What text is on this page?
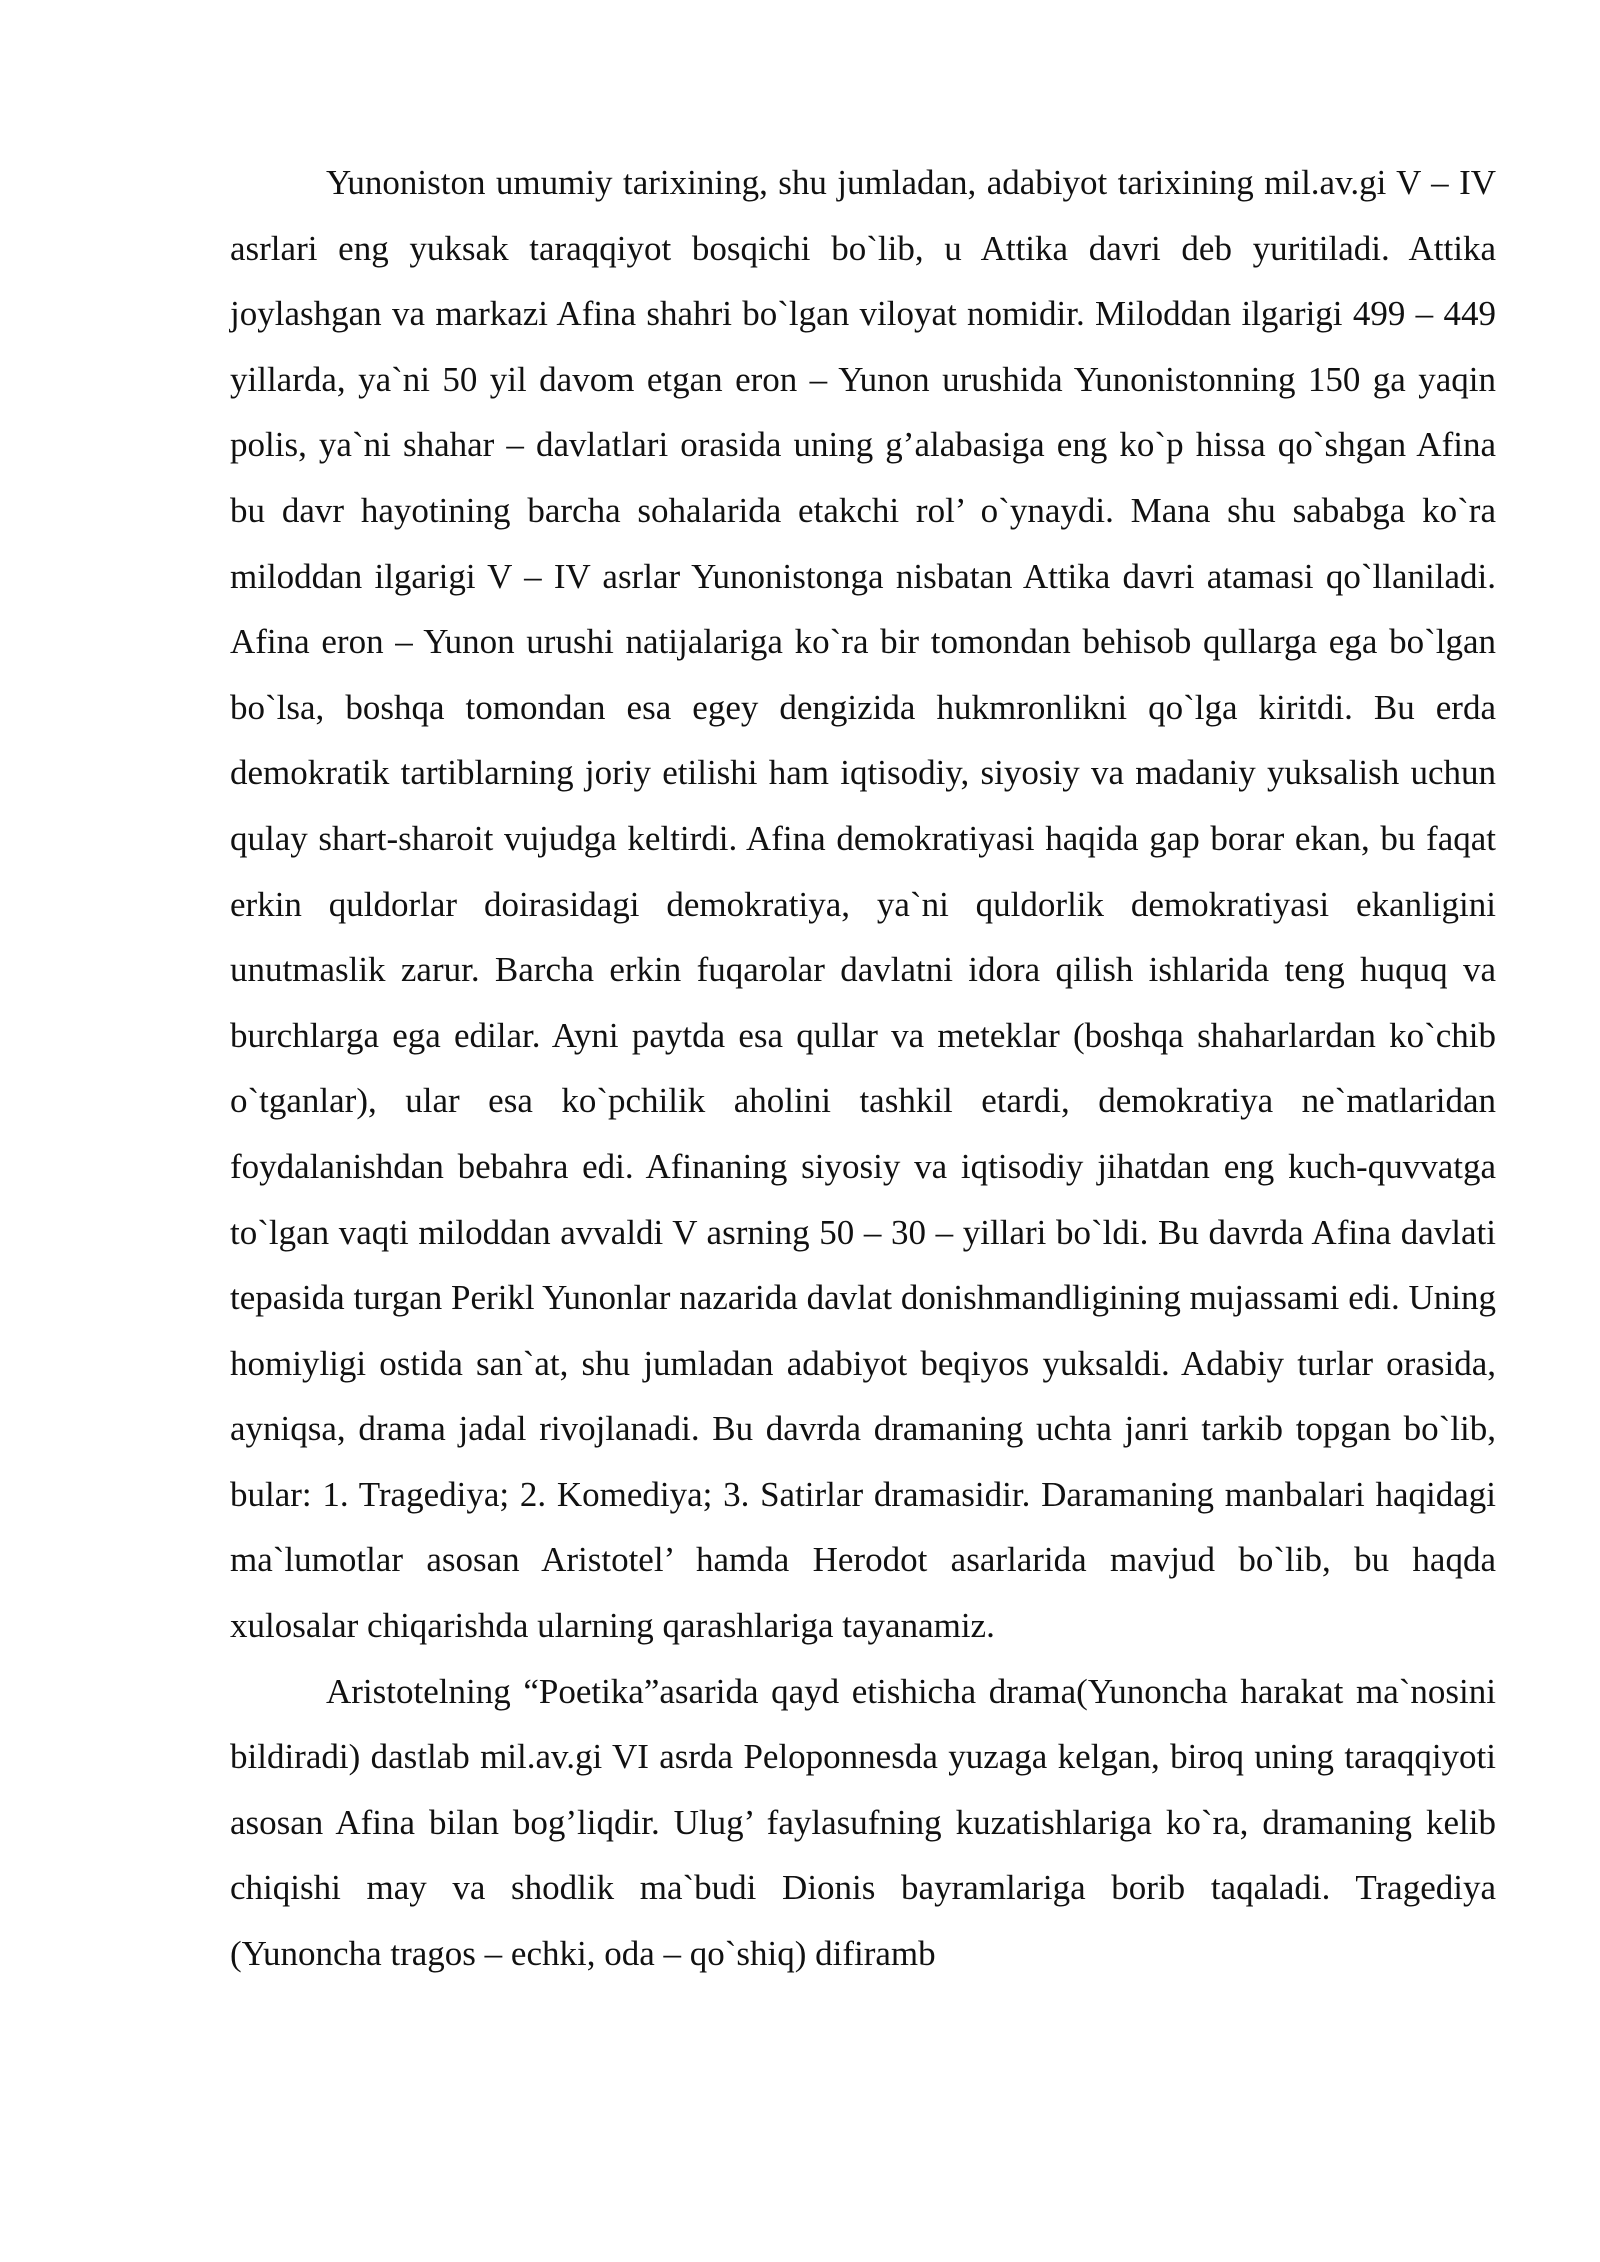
Yunoniston umumiy tarixining, shu jumladan, adabiyot tarixining mil.av.gi V – IV asrlari eng yuksak taraqqiyot bosqichi bo`lib, u Attika davri deb yuritiladi. Attika joylashgan va markazi Afina shahri bo`lgan viloyat nomidir. Miloddan ilgarigi 499 – 449 yillarda, ya`ni 50 yil davom etgan eron – Yunon urushida Yunonistonning 150 ga yaqin polis, ya`ni shahar – davlatlari orasida uning g’alabasiga eng ko`p hissa qo`shgan Afina bu davr hayotining barcha sohalarida etakchi rol’ o`ynaydi. Mana shu sababga ko`ra miloddan ilgarigi V – IV asrlar Yunonistonga nisbatan Attika davri atamasi qo`llaniladi. Afina eron – Yunon urushi natijalariga ko`ra bir tomondan behisob qullarga ega bo`lgan bo`lsa, boshqa tomondan esa egey dengizida hukmronlikni qo`lga kiritdi. Bu erda demokratik tartiblarning joriy etilishi ham iqtisodiy, siyosiy va madaniy yuksalish uchun qulay shart-sharoit vujudga keltirdi. Afina demokratiyasi haqida gap borar ekan, bu faqat erkin quldorlar doirasidagi demokratiya, ya`ni quldorlik demokratiyasi ekanligini unutmaslik zarur. Barcha erkin fuqarolar davlatni idora qilish ishlarida teng huquq va burchlarga ega edilar. Ayni paytda esa qullar va meteklar (boshqa shaharlardan ko`chib o`tganlar), ular esa ko`pchilik aholini tashkil etardi, demokratiya ne`matlaridan foydalanishdan bebahra edi. Afinaning siyosiy va iqtisodiy jihatdan eng kuch-quvvatga to`lgan vaqti miloddan avvaldi V asrning 50 – 30 – yillari bo`ldi. Bu davrda Afina davlati tepasida turgan Perikl Yunonlar nazarida davlat donishmandligining mujassami edi. Uning homiyligi ostida san`at, shu jumladan adabiyot beqiyos yuksaldi. Adabiy turlar orasida, ayniqsa, drama jadal rivojlanadi. Bu davrda dramaning uchta janri tarkib topgan bo`lib, bular: 1. Tragediya; 2. Komediya; 3. Satirlar dramasidir. Daramaning manbalari haqidagi ma`lumotlar asosan Aristotel’ hamda Herodot asarlarida mavjud bo`lib, bu haqda xulosalar chiqarishda ularning qarashlariga tayanamiz.

Aristotelning “Poetika”asarida qayd etishicha drama(Yunoncha harakat ma`nosini bildiradi) dastlab mil.av.gi VI asrda Peloponnesda yuzaga kelgan, biroq uning taraqqiyoti asosan Afina bilan bog’liqdir. Ulug’ faylasufning kuzatishlariga ko`ra, dramaning kelib chiqishi may va shodlik ma`budi Dionis bayramlariga borib taqaladi. Tragediya (Yunoncha tragos – echki, oda – qo`shiq) difiramb
